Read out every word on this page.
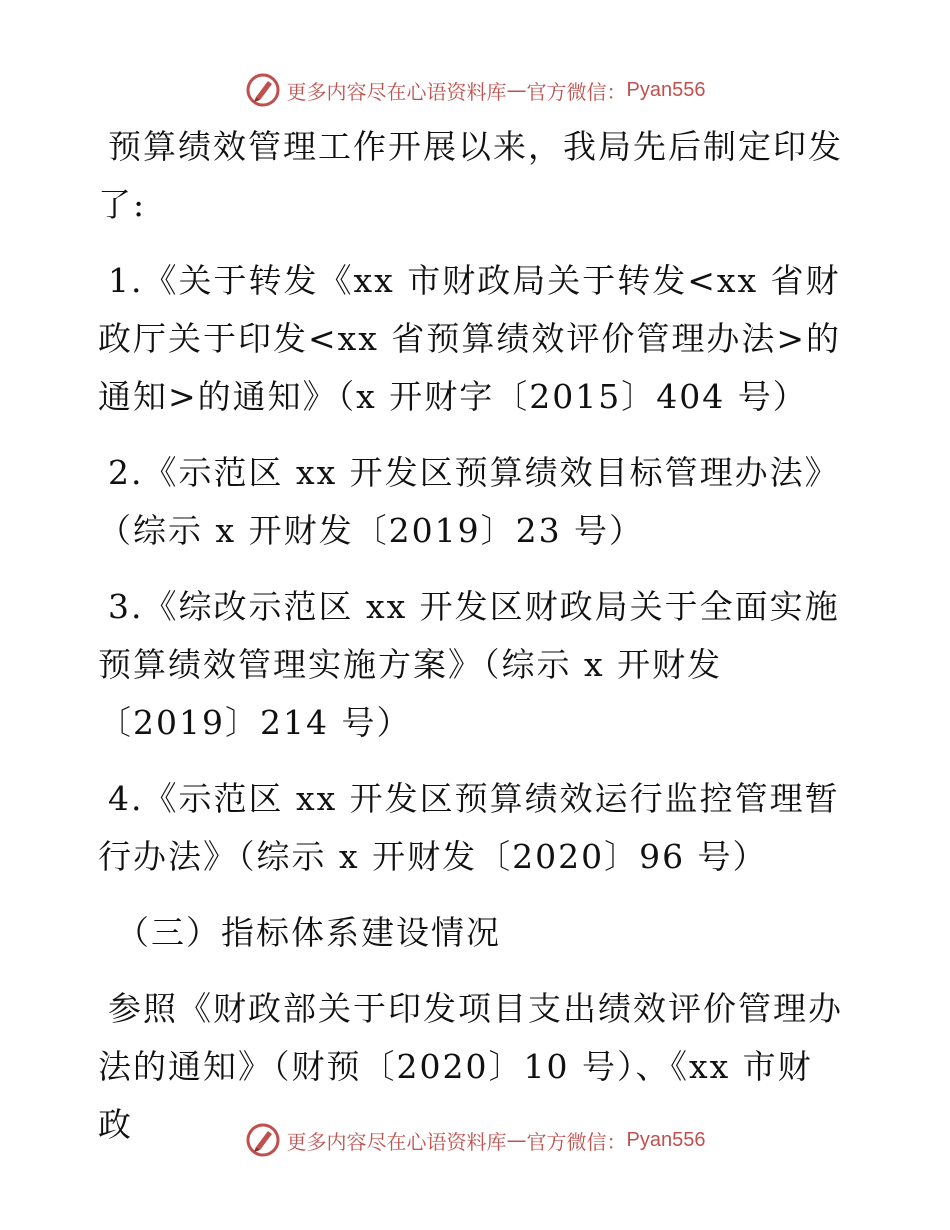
更多内容尽在心语资料库 — 官方微信： Pyan556

预算绩效管理工作开展以来，我局先后制定印发了:

1.《关于转发《xx 市财政局关于转发<xx 省财政厅关于印发<xx 省预算绩效评价管理办法>的通知>的通知》（x 开财字〔2015〕404 号）

2.《示范区 xx 开发区预算绩效目标管理办法》（综示 x 开财发〔2019〕23 号）

3.《综改示范区 xx 开发区财政局关于全面实施预算绩效管理实施方案》（综示 x 开财发〔2019〕214 号）

4.《示范区 xx 开发区预算绩效运行监控管理暂行办法》（综示 x 开财发〔2020〕96 号）

（三）指标体系建设情况

参照《财政部关于印发项目支出绩效评价管理办法的通知》（财预〔2020〕10 号）、《xx 市财政	更多内容尽在心语资料库 — 官方微信： Pyan556
